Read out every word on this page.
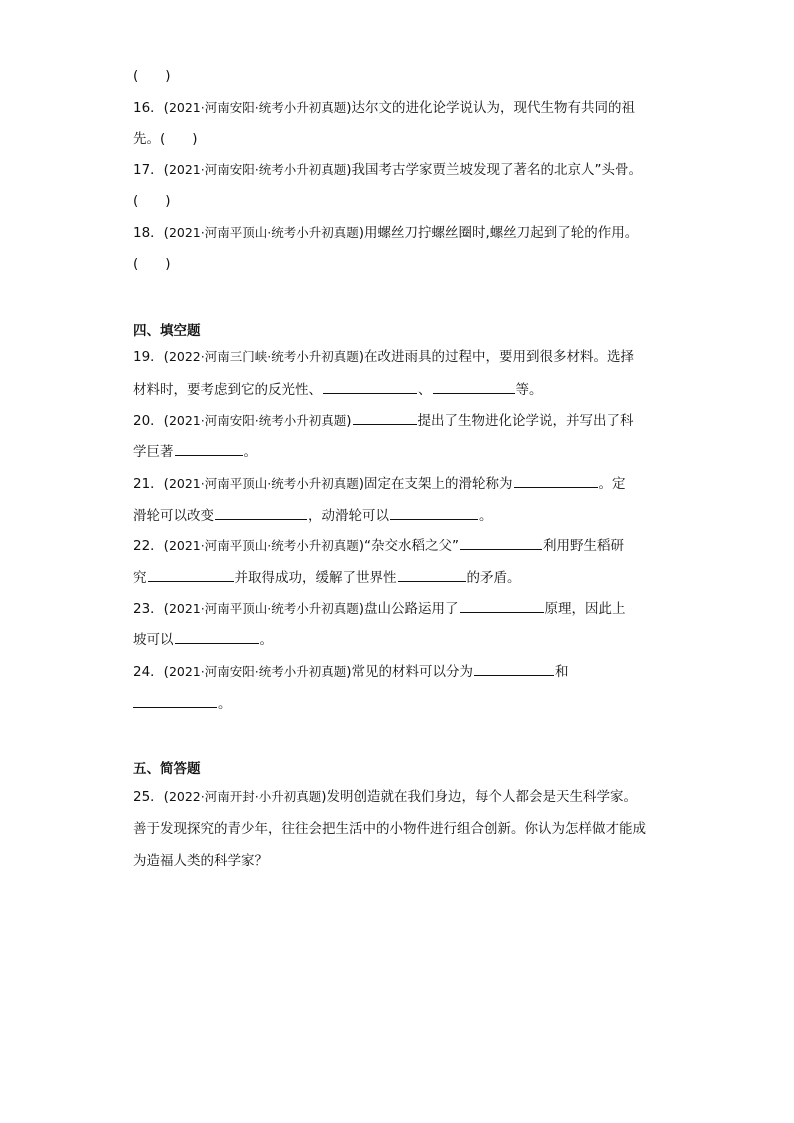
(　　)
16．(2021·河南安阳·统考小升初真题)达尔文的进化论学说认为，现代生物有共同的祖
先。(　　)
17．(2021·河南安阳·统考小升初真题)我国考古学家贾兰坡发现了著名的北京人”头骨。
(　　)
18．(2021·河南平顶山·统考小升初真题)用螺丝刀拧螺丝圈时,螺丝刀起到了轮的作用。
(　　)
四、填空题
19．(2022·河南三门峡·统考小升初真题)在改进雨具的过程中，要用到很多材料。选择
材料时，要考虑到它的反光性、	、	等。
20．(2021·河南安阳·统考小升初真题)	提出了生物进化论学说，并写出了科
学巨著	。
21．(2021·河南平顶山·统考小升初真题)固定在支架上的滑轮称为	。定
滑轮可以改变	，动滑轮可以	。
22．(2021·河南平顶山·统考小升初真题)“杂交水稻之父”	利用野生稻研
究	并取得成功，缓解了世界性	的矛盾。
23．(2021·河南平顶山·统考小升初真题)盘山公路运用了	原理，因此上
坡可以	。
24．(2021·河南安阳·统考小升初真题)常见的材料可以分为	和
。
五、简答题
25．(2022·河南开封·小升初真题)发明创造就在我们身边，每个人都会是天生科学家。
善于发现探究的青少年，往往会把生活中的小物件进行组合创新。你认为怎样做才能成
为造福人类的科学家？
